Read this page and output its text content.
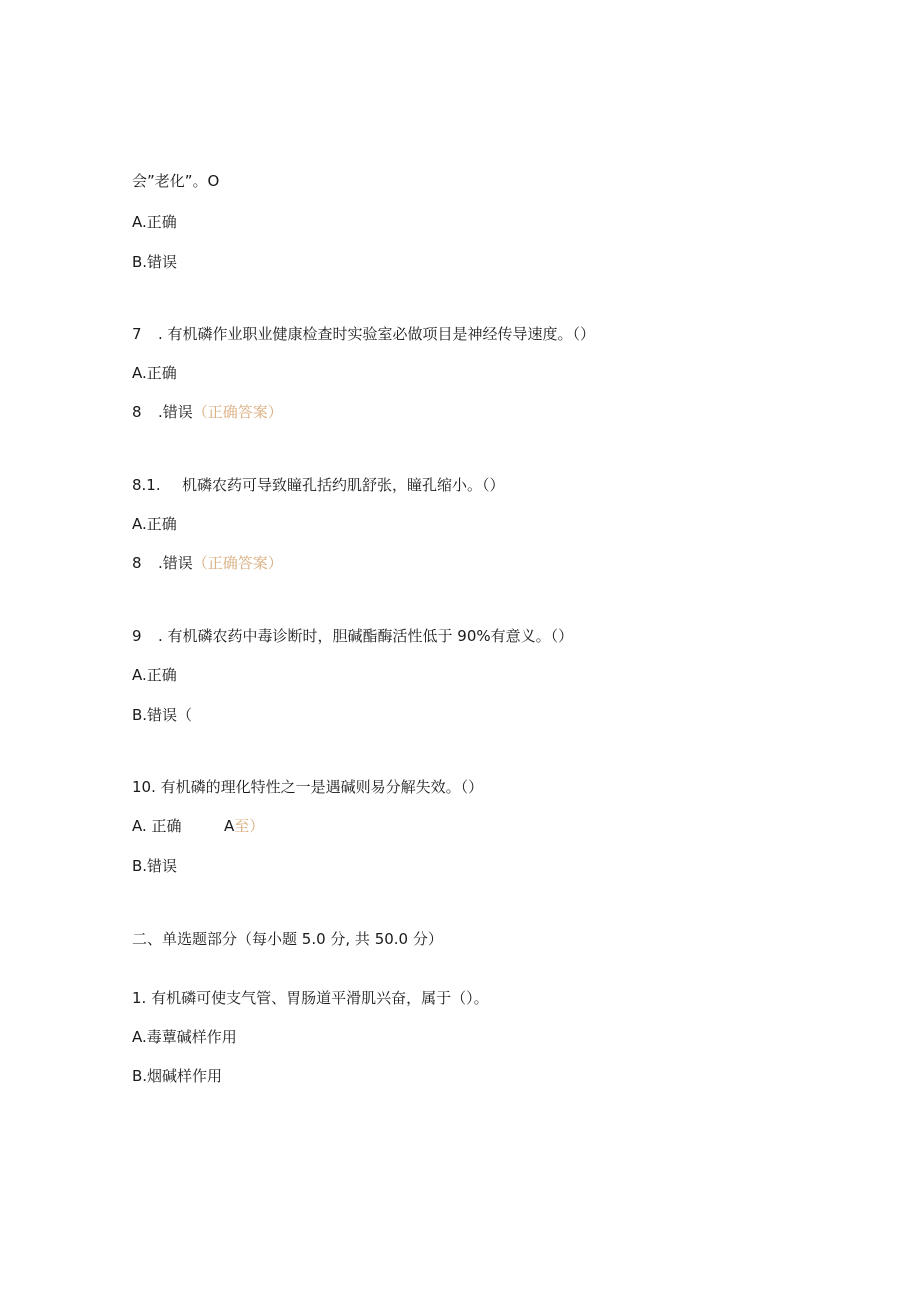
会”老化”。O
A.正确
B.错误
7 . 有机磷作业职业健康检查时实验室必做项目是神经传导速度。（）
A.正确
8 .错误（正确答案）
8.1. 机磷农药可导致瞳孔括约肌舒张，瞳孔缩小。（）
A.正确
8 .错误（正确答案）
9 . 有机磷农药中毒诊断时，胆碱酯酶活性低于 90%有意义。（）
A.正确
B.错误（
10. 有机磷的理化特性之一是遇碱则易分解失效。（）
A. 正确	A至）
B.错误
二、单选题部分（每小题 5.0 分, 共 50.0 分）
1. 有机磷可使支气管、胃肠道平滑肌兴奋，属于（）。
A.毒蕈碱样作用
B.烟碱样作用
